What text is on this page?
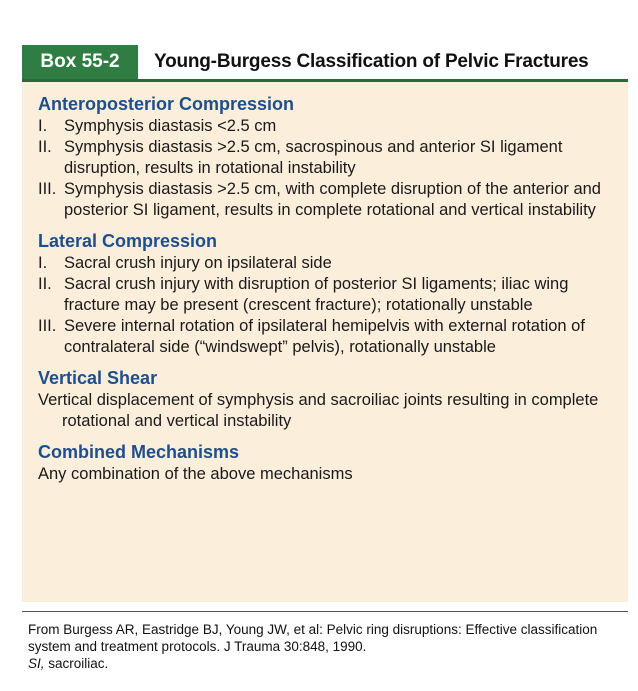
Box 55-2	Young-Burgess Classification of Pelvic Fractures
Anteroposterior Compression
I.	Symphysis diastasis <2.5 cm
II. Symphysis diastasis >2.5 cm, sacrospinous and anterior SI ligament disruption, results in rotational instability
III. Symphysis diastasis >2.5 cm, with complete disruption of the anterior and posterior SI ligament, results in complete rotational and vertical instability
Lateral Compression
I.	Sacral crush injury on ipsilateral side
II. Sacral crush injury with disruption of posterior SI ligaments; iliac wing fracture may be present (crescent fracture); rotationally unstable
III. Severe internal rotation of ipsilateral hemipelvis with external rotation of contralateral side (“windswept” pelvis), rotationally unstable
Vertical Shear
Vertical displacement of symphysis and sacroiliac joints resulting in complete rotational and vertical instability
Combined Mechanisms
Any combination of the above mechanisms
From Burgess AR, Eastridge BJ, Young JW, et al: Pelvic ring disruptions: Effective classification system and treatment protocols. J Trauma 30:848, 1990.
SI, sacroiliac.
